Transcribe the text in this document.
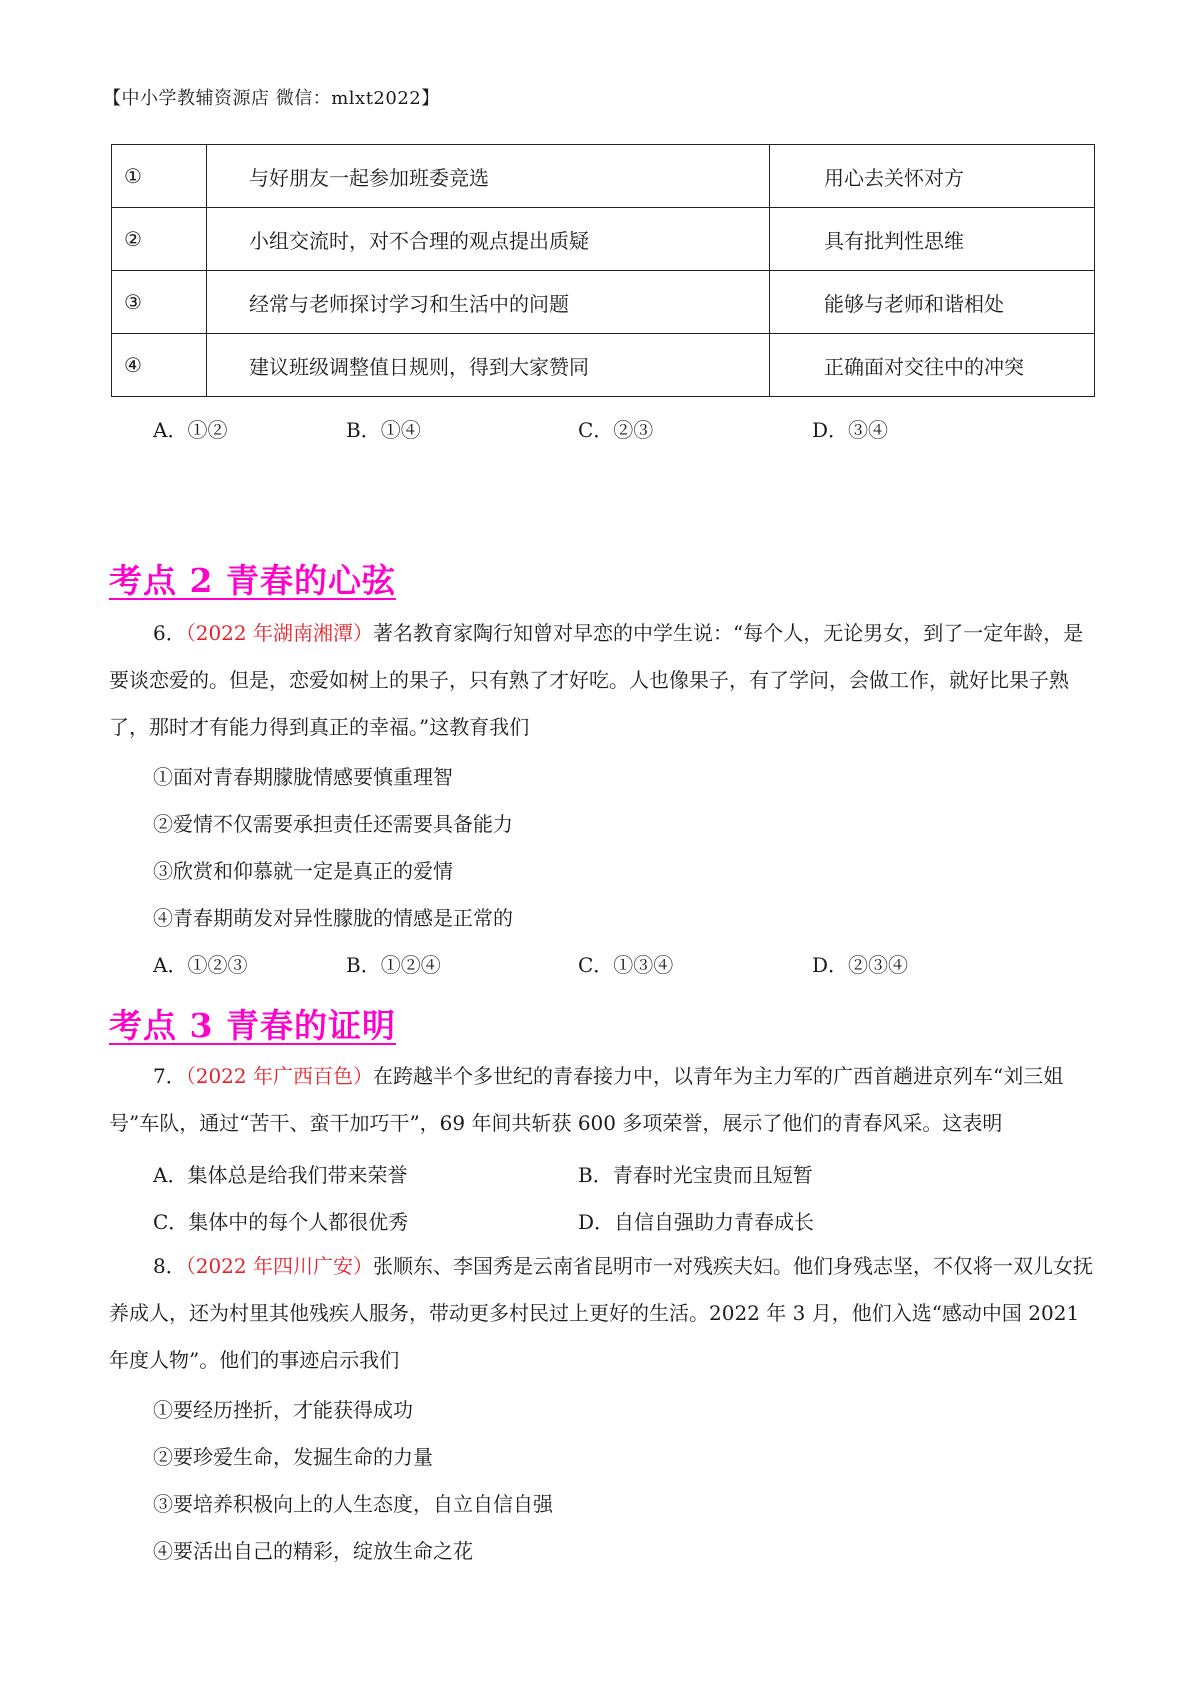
【中小学教辅资源店 微信：mlxt2022】
①	与好朋友一起参加班委竞选	用心去关怀对方
②	小组交流时，对不合理的观点提出质疑	具有批判性思维
③	经常与老师探讨学习和生活中的问题	能够与老师和谐相处
④	建议班级调整值日规则，得到大家赞同	正确面对交往中的冲突
A．①②	B．①④	C．②③	D．③④
考点 2 青春的心弦
6．（2022 年湖南湘潭）著名教育家陶行知曾对早恋的中学生说：“每个人，无论男女，到了一定年龄，是要谈恋爱的。但是，恋爱如树上的果子，只有熟了才好吃。人也像果子，有了学问，会做工作，就好比果子熟了，那时才有能力得到真正的幸福。”这教育我们
①面对青春期朦胧情感要慎重理智
②爱情不仅需要承担责任还需要具备能力
③欣赏和仰慕就一定是真正的爱情
④青春期萌发对异性朦胧的情感是正常的
A．①②③	B．①②④	C．①③④	D．②③④
考点 3 青春的证明
7．（2022 年广西百色）在跨越半个多世纪的青春接力中，以青年为主力军的广西首趟进京列车“刘三姐号”车队，通过“苦干、蛮干加巧干”，69 年间共斩获 600 多项荣誉，展示了他们的青春风采。这表明
A．集体总是给我们带来荣誉	B．青春时光宝贵而且短暂
C．集体中的每个人都很优秀	D．自信自强助力青春成长
8．（2022 年四川广安）张顺东、李国秀是云南省昆明市一对残疾夫妇。他们身残志坚，不仅将一双儿女抚养成人，还为村里其他残疾人服务，带动更多村民过上更好的生活。2022 年 3 月，他们入选“感动中国 2021 年度人物”。他们的事迹启示我们
①要经历挫折，才能获得成功
②要珍爱生命，发掘生命的力量
③要培养积极向上的人生态度，自立自信自强
④要活出自己的精彩，绽放生命之花
